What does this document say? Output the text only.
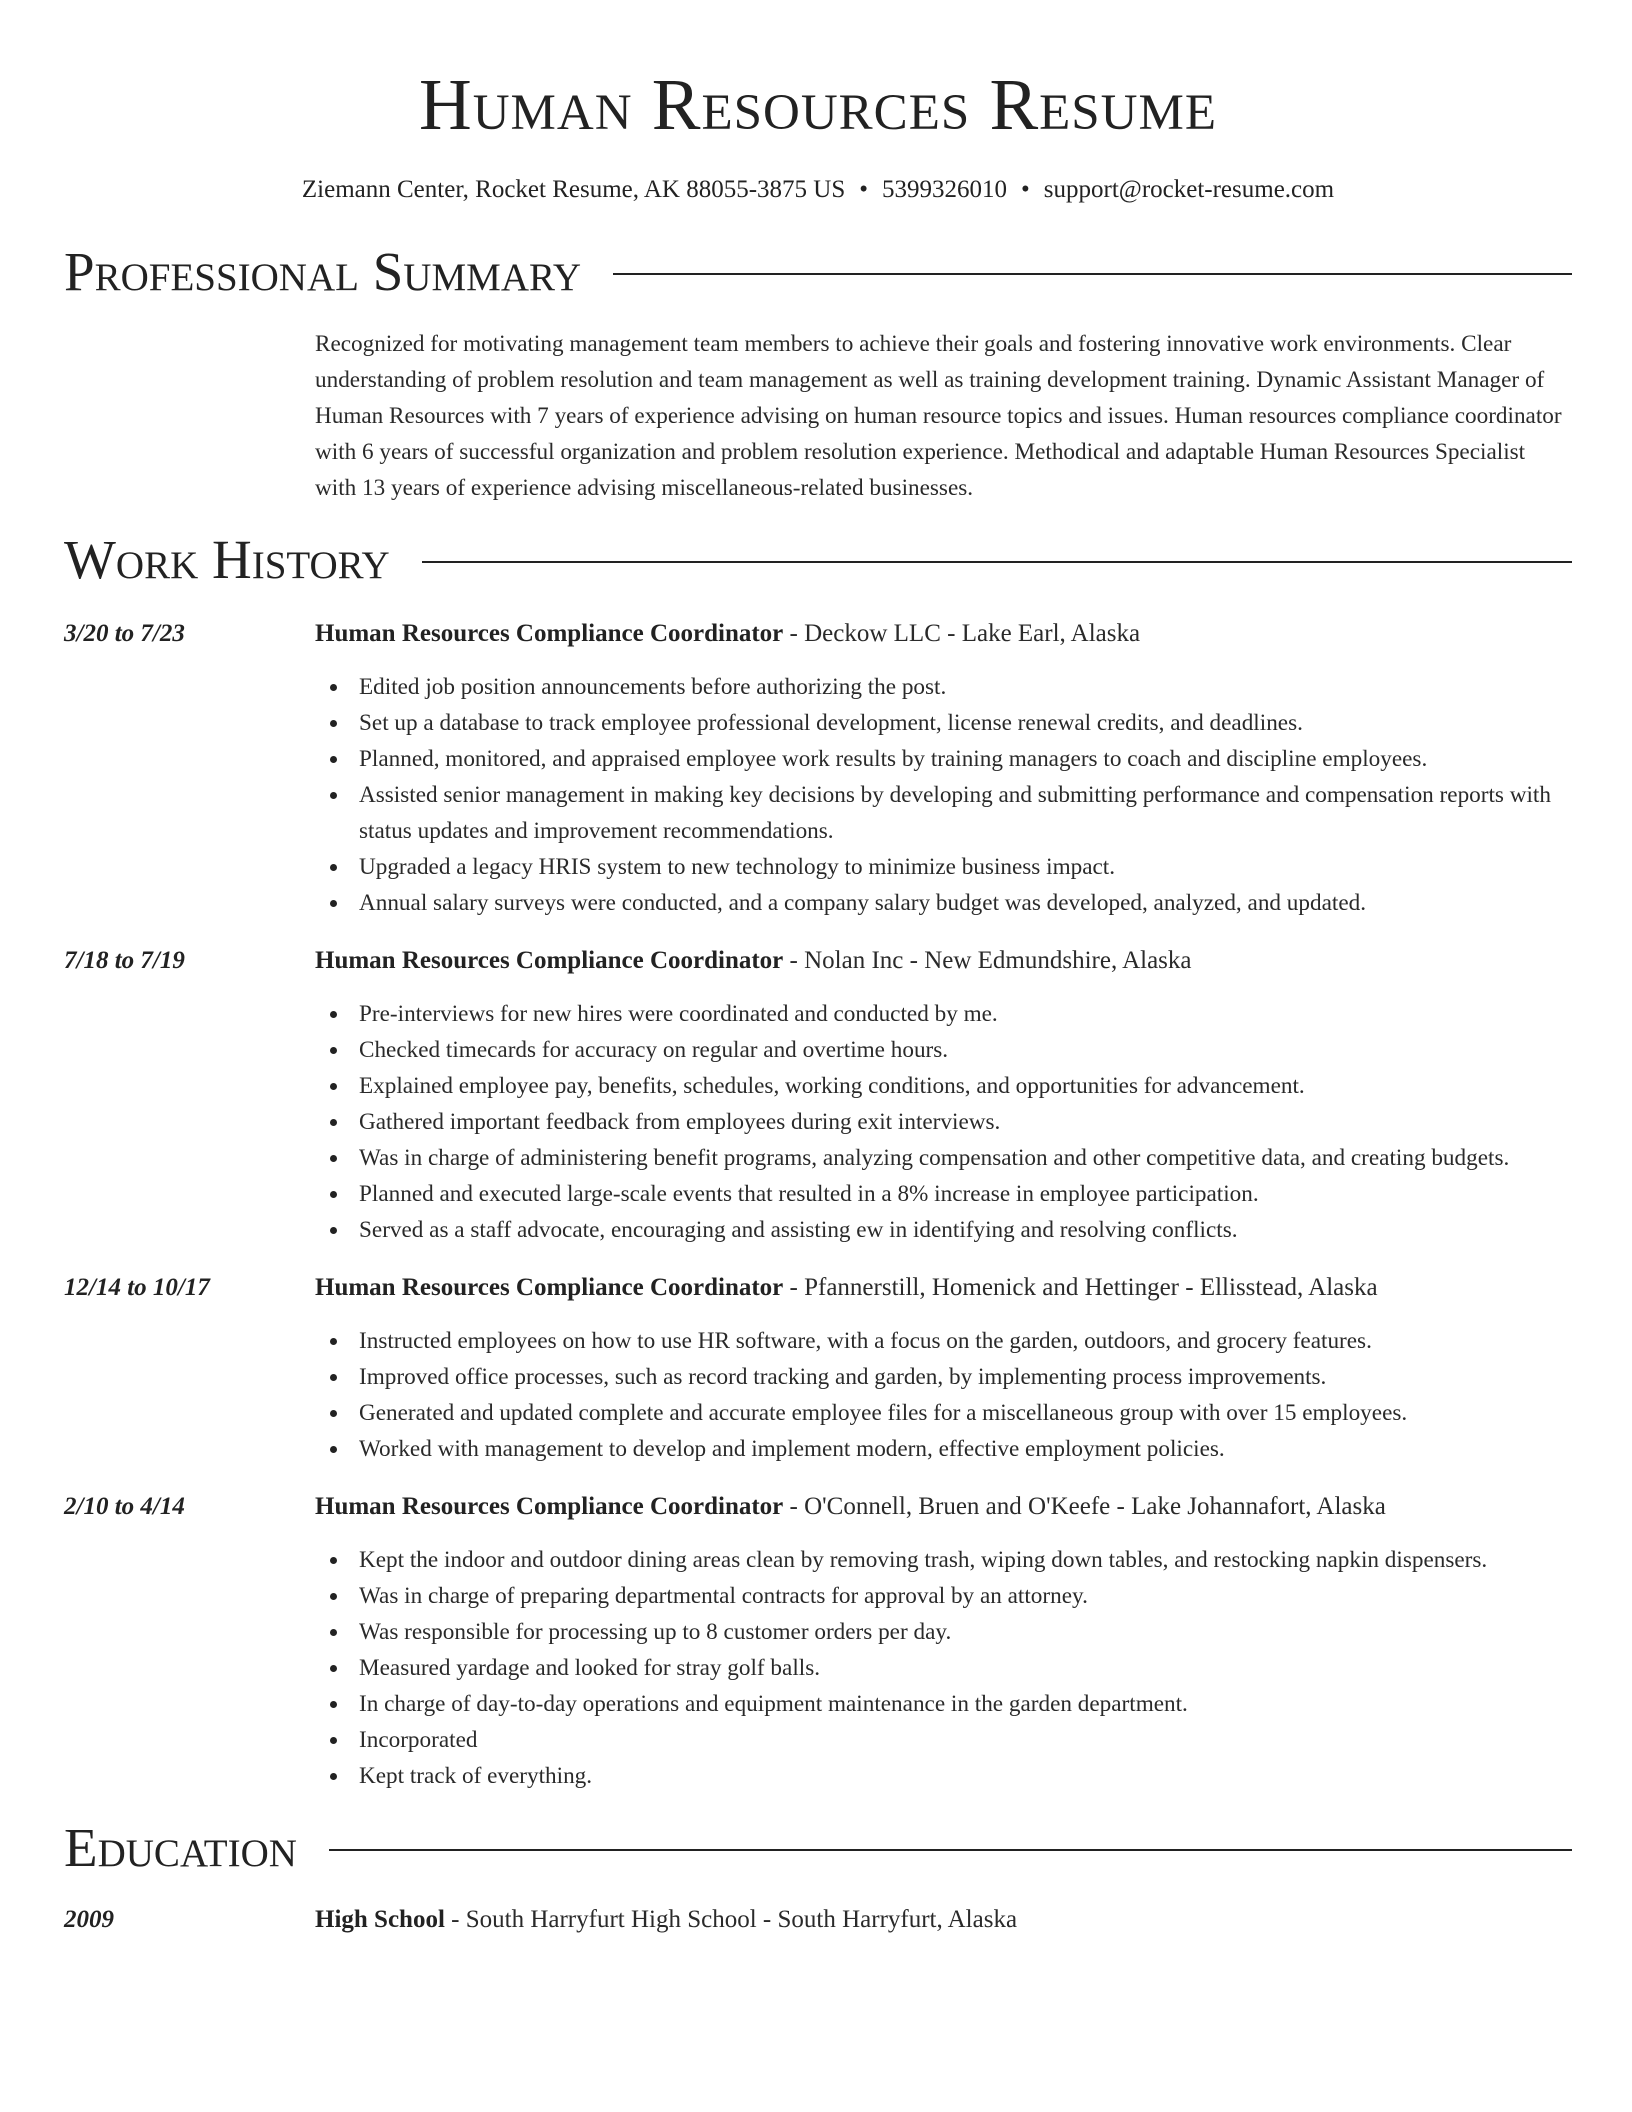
Human Resources Resume
Ziemann Center, Rocket Resume, AK 88055-3875 US • 5399326010 • support@rocket-resume.com
Professional Summary

Recognized for motivating management team members to achieve their goals and fostering innovative work environments. Clear understanding of problem resolution and team management as well as training development training. Dynamic Assistant Manager of Human Resources with 7 years of experience advising on human resource topics and issues. Human resources compliance coordinator with 6 years of successful organization and problem resolution experience. Methodical and adaptable Human Resources Specialist with 13 years of experience advising miscellaneous-related businesses.

Work History
3/20 to 7/23	Human Resources Compliance Coordinator - Deckow LLC - Lake Earl, Alaska
Edited job position announcements before authorizing the post.
Set up a database to track employee professional development, license renewal credits, and deadlines.
Planned, monitored, and appraised employee work results by training managers to coach and discipline employees.
Assisted senior management in making key decisions by developing and submitting performance and compensation reports with status updates and improvement recommendations.
Upgraded a legacy HRIS system to new technology to minimize business impact.
Annual salary surveys were conducted, and a company salary budget was developed, analyzed, and updated.
7/18 to 7/19	Human Resources Compliance Coordinator - Nolan Inc - New Edmundshire, Alaska
Pre-interviews for new hires were coordinated and conducted by me.
Checked timecards for accuracy on regular and overtime hours.
Explained employee pay, benefits, schedules, working conditions, and opportunities for advancement.
Gathered important feedback from employees during exit interviews.
Was in charge of administering benefit programs, analyzing compensation and other competitive data, and creating budgets.
Planned and executed large-scale events that resulted in a 8% increase in employee participation.
Served as a staff advocate, encouraging and assisting ew in identifying and resolving conflicts.
12/14 to 10/17	Human Resources Compliance Coordinator - Pfannerstill, Homenick and Hettinger - Ellisstead, Alaska
Instructed employees on how to use HR software, with a focus on the garden, outdoors, and grocery features.
Improved office processes, such as record tracking and garden, by implementing process improvements.
Generated and updated complete and accurate employee files for a miscellaneous group with over 15 employees.
Worked with management to develop and implement modern, effective employment policies.
2/10 to 4/14	Human Resources Compliance Coordinator - O'Connell, Bruen and O'Keefe - Lake Johannafort, Alaska
Kept the indoor and outdoor dining areas clean by removing trash, wiping down tables, and restocking napkin dispensers.
Was in charge of preparing departmental contracts for approval by an attorney.
Was responsible for processing up to 8 customer orders per day.
Measured yardage and looked for stray golf balls.
In charge of day-to-day operations and equipment maintenance in the garden department.
Incorporated
Kept track of everything.
Education
2009	High School - South Harryfurt High School - South Harryfurt, Alaska
